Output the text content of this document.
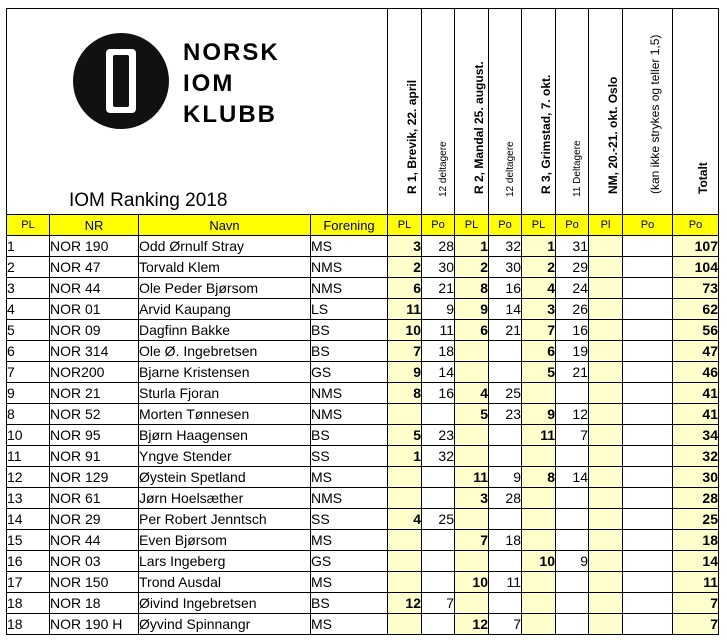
NORSK
IOM
KLUBB
IOM Ranking 2018				R 1, Brevik, 22. april	12 deltagere	R 2, Mandal 25. august.	12 deltagere	R 3, Grimstad, 7. okt.	11 Deltagere	NM, 20.-21. okt. Oslo	(kan ikke strykes og teller 1,5)	Totalt

PL	NR	Navn	Forening	PL	Po	PL	Po	PL	Po	Pl	Po	Po
1	NOR 190	Odd Ørnulf Stray	MS	3	28	1	32	1	31			107
2	NOR 47	Torvald Klem	NMS	2	30	2	30	2	29			104
3	NOR 44	Ole Peder Bjørsom	NMS	6	21	8	16	4	24			73
4	NOR 01	Arvid Kaupang	LS	11	9	9	14	3	26			62
5	NOR 09	Dagfinn Bakke	BS	10	11	6	21	7	16			56
6	NOR 314	Ole Ø. Ingebretsen	BS	7	18			6	19			47
7	NOR200	Bjarne Kristensen	GS	9	14			5	21			46
9	NOR 21	Sturla Fjoran	NMS	8	16	4	25					41
8	NOR 52	Morten Tønnesen	NMS			5	23	9	12			41
10	NOR 95	Bjørn Haagensen	BS	5	23			11	7			34
11	NOR 91	Yngve Stender	SS	1	32							32
12	NOR 129	Øystein Spetland	MS			11	9	8	14			30
13	NOR 61	Jørn Hoelsæther	NMS			3	28					28
14	NOR 29	Per Robert Jenntsch	SS	4	25							25
15	NOR 44	Even Bjørsom	MS			7	18					18
16	NOR 03	Lars Ingeberg	GS					10	9			14
17	NOR 150	Trond Ausdal	MS			10	11					11
18	NOR 18	Øivind Ingebretsen	BS	12	7							7
18	NOR 190 H	Øyvind Spinnangr	MS			12	7					7
